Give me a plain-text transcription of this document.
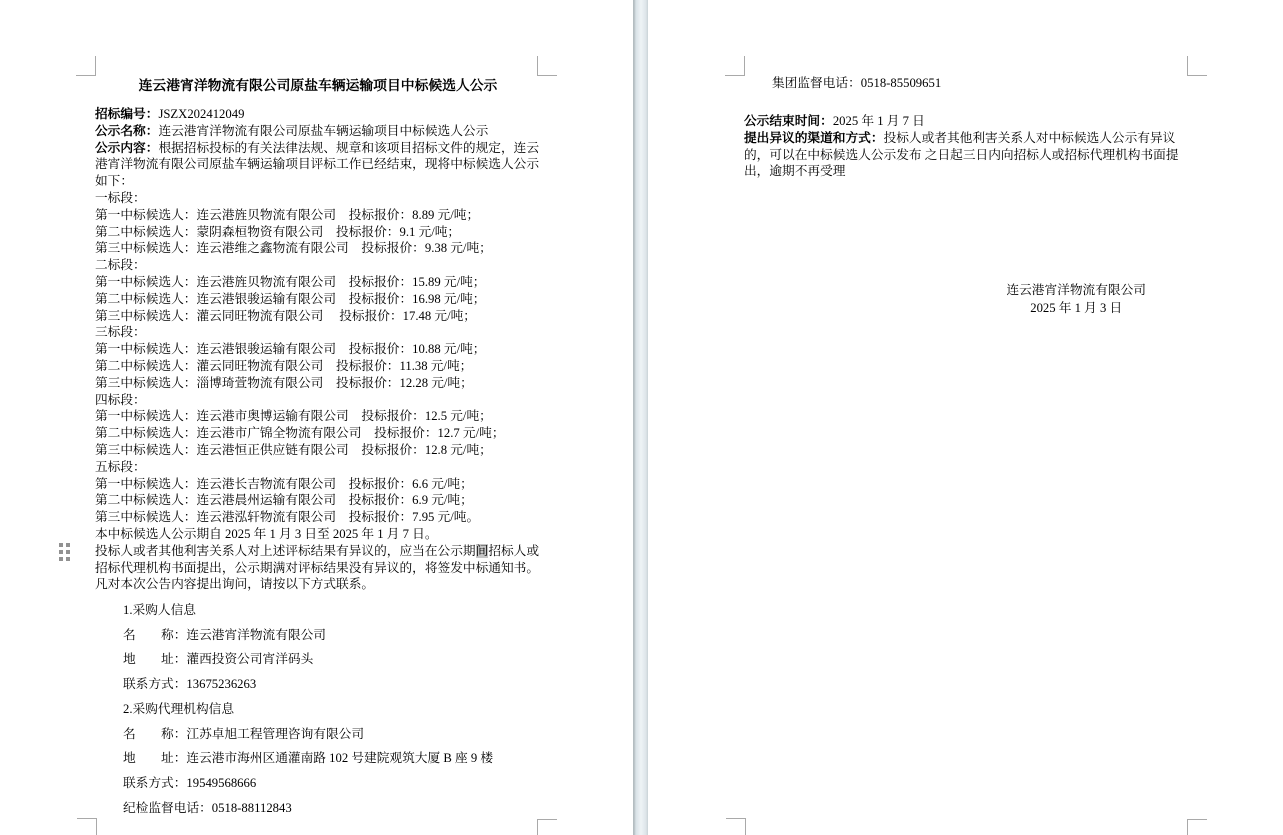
连云港宵洋物流有限公司原盐车辆运输项目中标候选人公示
招标编号：JSZX202412049
公示名称：连云港宵洋物流有限公司原盐车辆运输项目中标候选人公示
公示内容：根据招标投标的有关法律法规、规章和该项目招标文件的规定，连云
港宵洋物流有限公司原盐车辆运输项目评标工作已经结束，现将中标候选人公示
如下：
一标段：
第一中标候选人：连云港旌贝物流有限公司　投标报价：8.89 元/吨；
第二中标候选人：蒙阴森桓物资有限公司　投标报价：9.1 元/吨；
第三中标候选人：连云港维之鑫物流有限公司　投标报价：9.38 元/吨；
二标段：
第一中标候选人：连云港旌贝物流有限公司　投标报价：15.89 元/吨；
第二中标候选人：连云港银骏运输有限公司　投标报价：16.98 元/吨；
第三中标候选人：灌云同旺物流有限公司　 投标报价：17.48 元/吨；
三标段：
第一中标候选人：连云港银骏运输有限公司　投标报价：10.88 元/吨；
第二中标候选人：灌云同旺物流有限公司　投标报价：11.38 元/吨；
第三中标候选人：淄博琦萱物流有限公司　投标报价：12.28 元/吨；
四标段：
第一中标候选人：连云港市奥博运输有限公司　投标报价：12.5 元/吨；
第二中标候选人：连云港市广锦全物流有限公司　投标报价：12.7 元/吨；
第三中标候选人：连云港恒正供应链有限公司　投标报价：12.8 元/吨；
五标段：
第一中标候选人：连云港长吉物流有限公司　投标报价：6.6 元/吨；
第二中标候选人：连云港晨州运输有限公司　投标报价：6.9 元/吨；
第三中标候选人：连云港泓轩物流有限公司　投标报价：7.95 元/吨。
本中标候选人公示期自 2025 年 1 月 3 日至 2025 年 1 月 7 日。
投标人或者其他利害关系人对上述评标结果有异议的，应当在公示期间招标人或
招标代理机构书面提出，公示期满对评标结果没有异议的，将签发中标通知书。
凡对本次公告内容提出询问，请按以下方式联系。
1.采购人信息
名　　称：连云港宵洋物流有限公司
地　　址：灌西投资公司宵洋码头
联系方式：13675236263
2.采购代理机构信息
名　　称：江苏卓旭工程管理咨询有限公司
地　　址：连云港市海州区通灌南路 102 号建院观筑大厦 B 座 9 楼
联系方式：19549568666
纪检监督电话：0518-88112843
集团监督电话：0518-85509651
公示结束时间：2025 年 1 月 7 日
提出异议的渠道和方式：投标人或者其他利害关系人对中标候选人公示有异议
的，可以在中标候选人公示发布 之日起三日内向招标人或招标代理机构书面提
出，逾期不再受理
连云港宵洋物流有限公司
2025 年 1 月 3 日
